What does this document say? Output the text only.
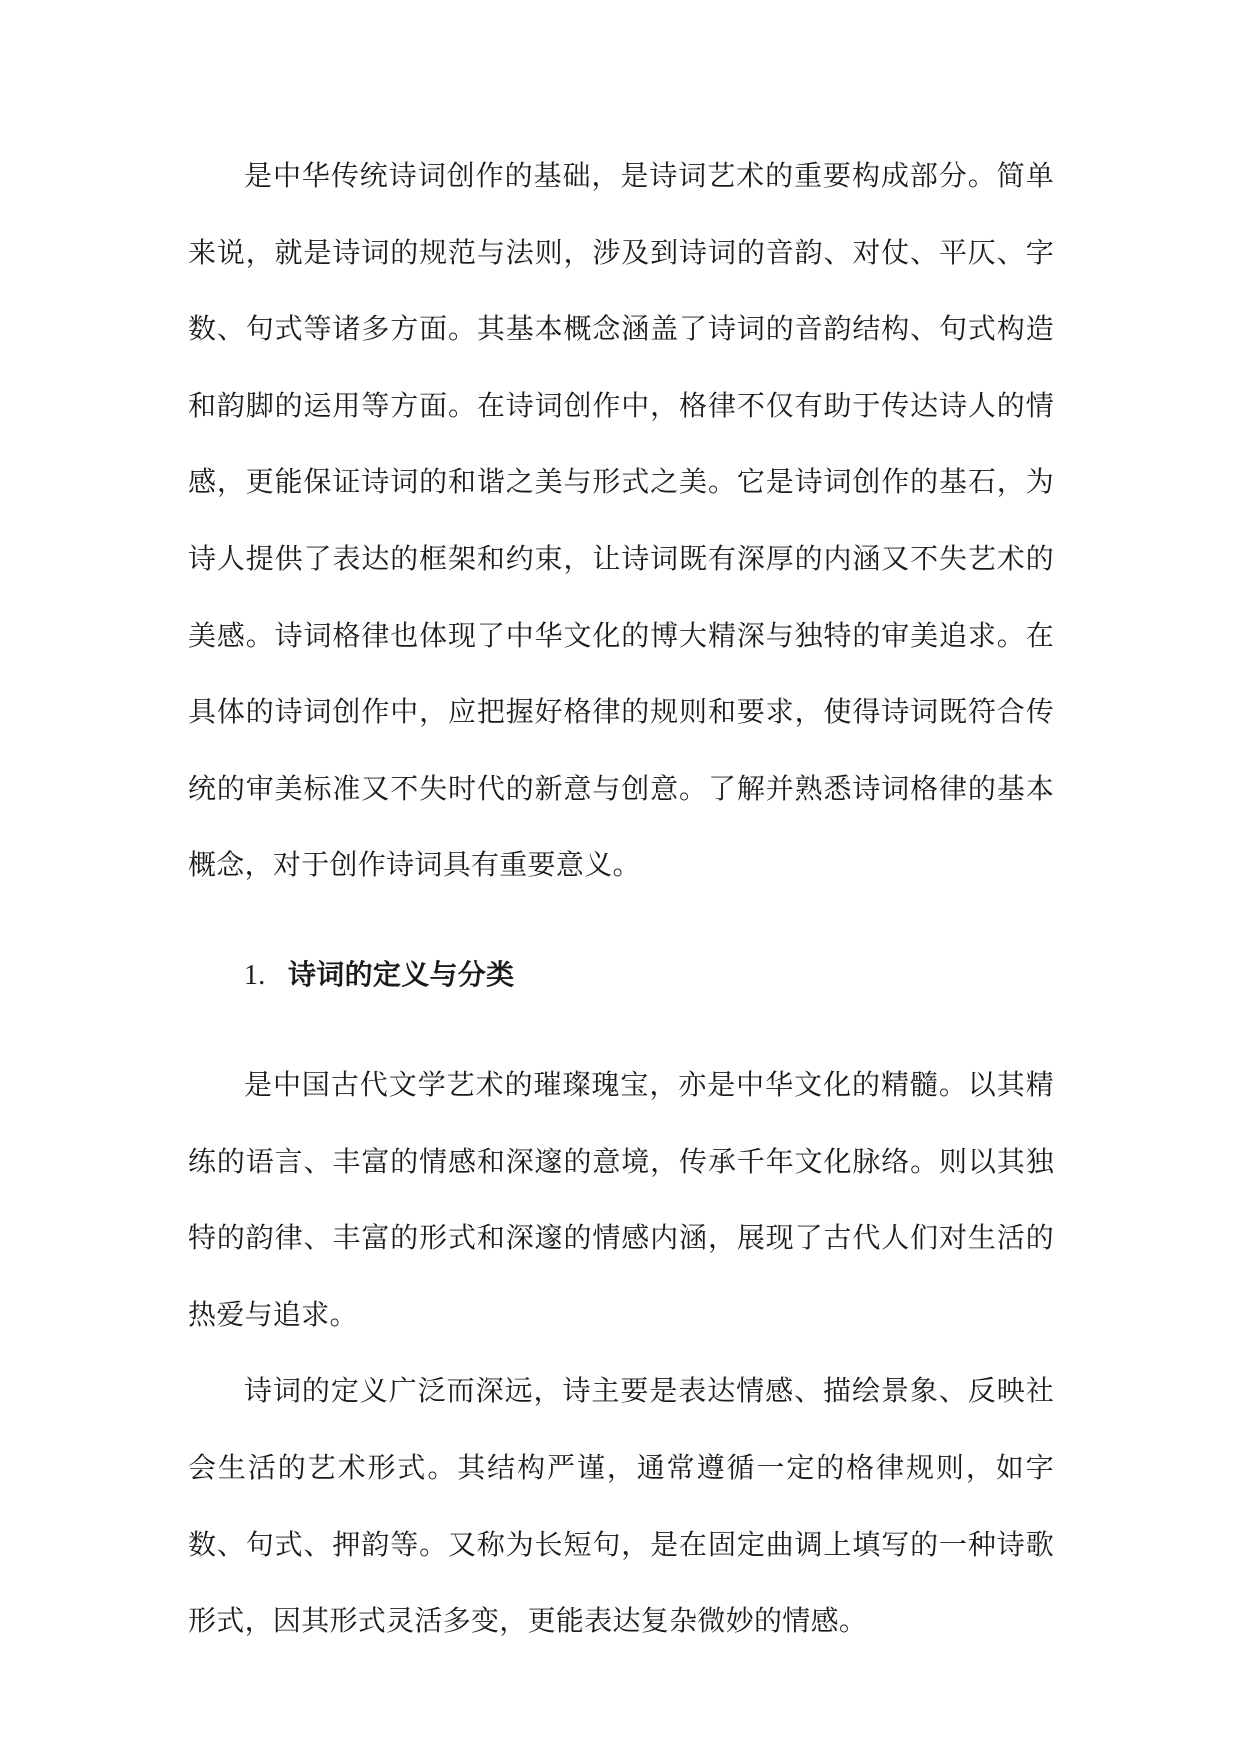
是中华传统诗词创作的基础，是诗词艺术的重要构成部分。简单来说，就是诗词的规范与法则，涉及到诗词的音韵、对仗、平仄、字数、句式等诸多方面。其基本概念涵盖了诗词的音韵结构、句式构造和韵脚的运用等方面。在诗词创作中，格律不仅有助于传达诗人的情感，更能保证诗词的和谐之美与形式之美。它是诗词创作的基石，为诗人提供了表达的框架和约束，让诗词既有深厚的内涵又不失艺术的美感。诗词格律也体现了中华文化的博大精深与独特的审美追求。在具体的诗词创作中，应把握好格律的规则和要求，使得诗词既符合传统的审美标准又不失时代的新意与创意。了解并熟悉诗词格律的基本概念，对于创作诗词具有重要意义。

1. 诗词的定义与分类

是中国古代文学艺术的璀璨瑰宝，亦是中华文化的精髓。以其精练的语言、丰富的情感和深邃的意境，传承千年文化脉络。则以其独特的韵律、丰富的形式和深邃的情感内涵，展现了古代人们对生活的热爱与追求。

诗词的定义广泛而深远，诗主要是表达情感、描绘景象、反映社会生活的艺术形式。其结构严谨，通常遵循一定的格律规则，如字数、句式、押韵等。又称为长短句，是在固定曲调上填写的一种诗歌形式，因其形式灵活多变，更能表达复杂微妙的情感。
